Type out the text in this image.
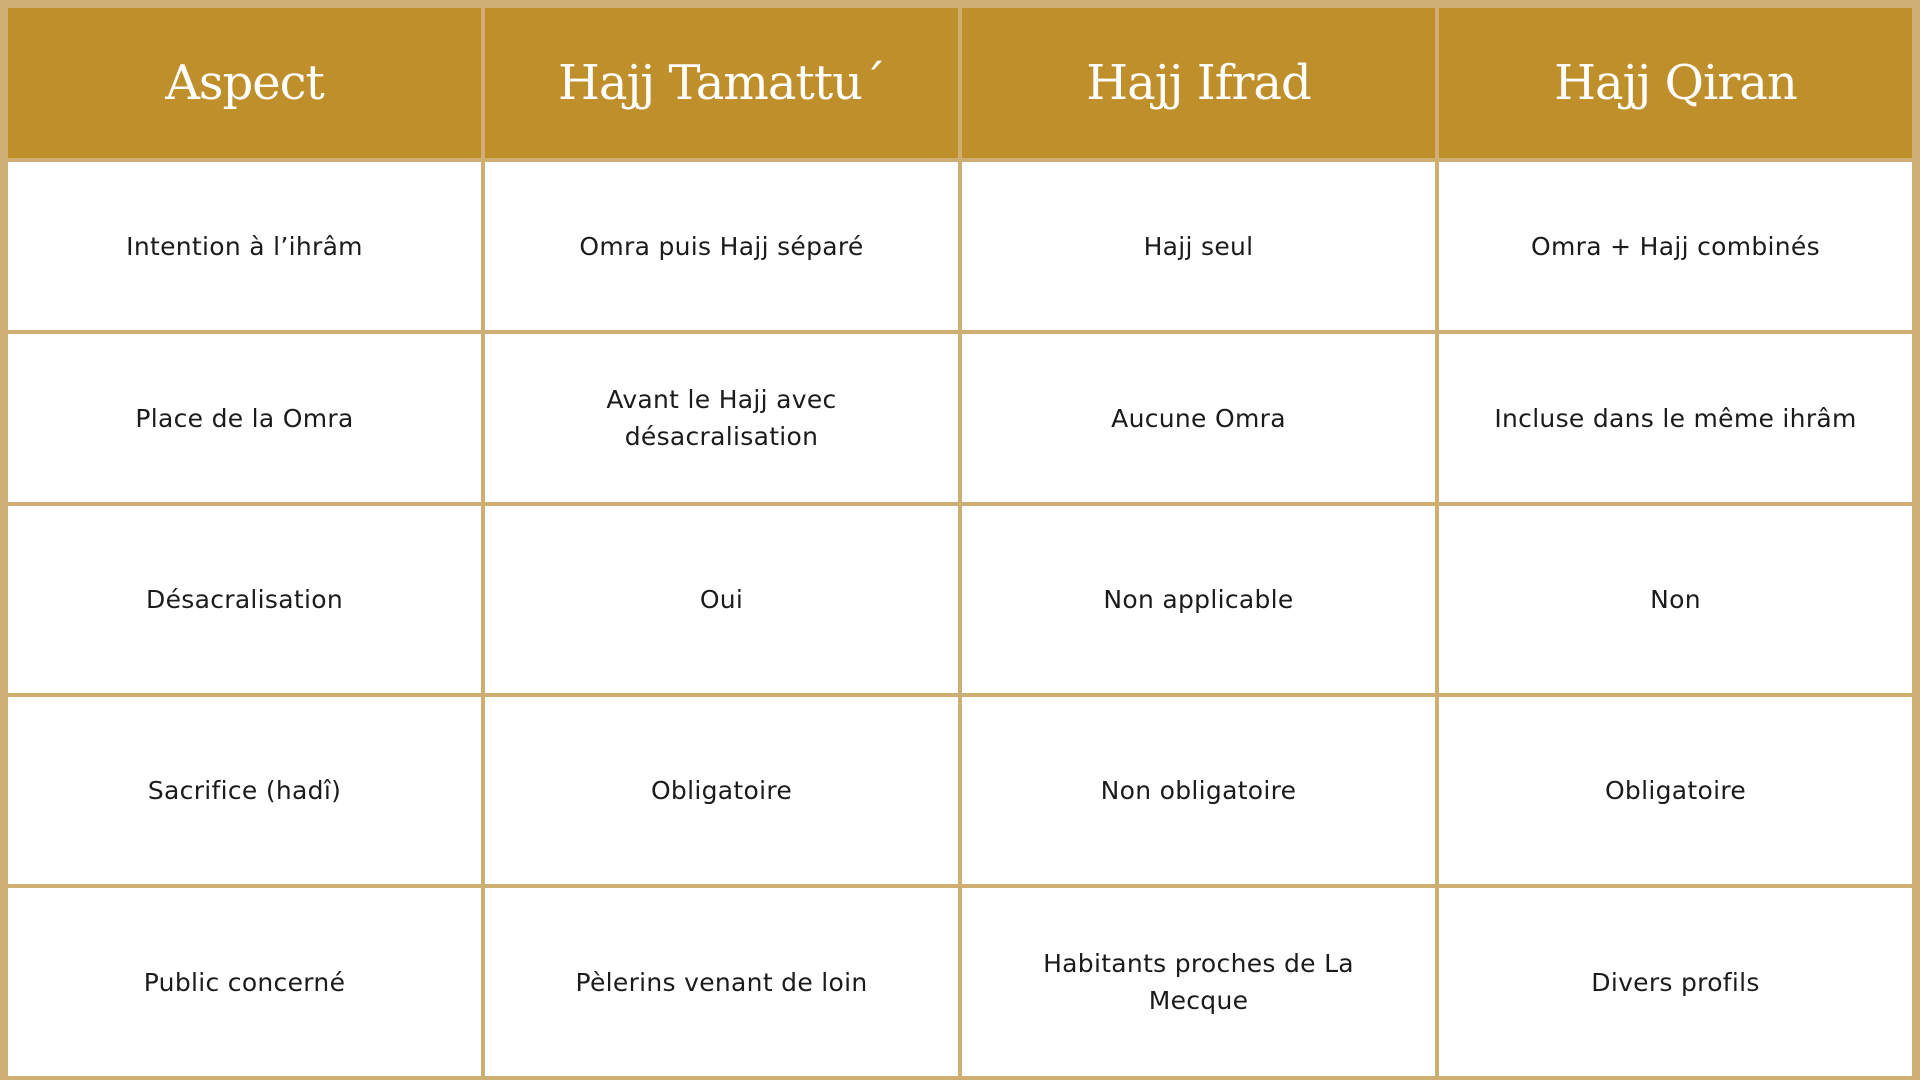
Aspect	Hajj Tamattu´	Hajj Ifrad	Hajj Qiran
Intention à l’ihrâm	Omra puis Hajj séparé	Hajj seul	Omra + Hajj combinés
Place de la Omra	Avant le Hajj avec désacralisation	Aucune Omra	Incluse dans le même ihrâm
Désacralisation	Oui	Non applicable	Non
Sacrifice (hadî)	Obligatoire	Non obligatoire	Obligatoire
Public concerné	Pèlerins venant de loin	Habitants proches de La Mecque	Divers profils
